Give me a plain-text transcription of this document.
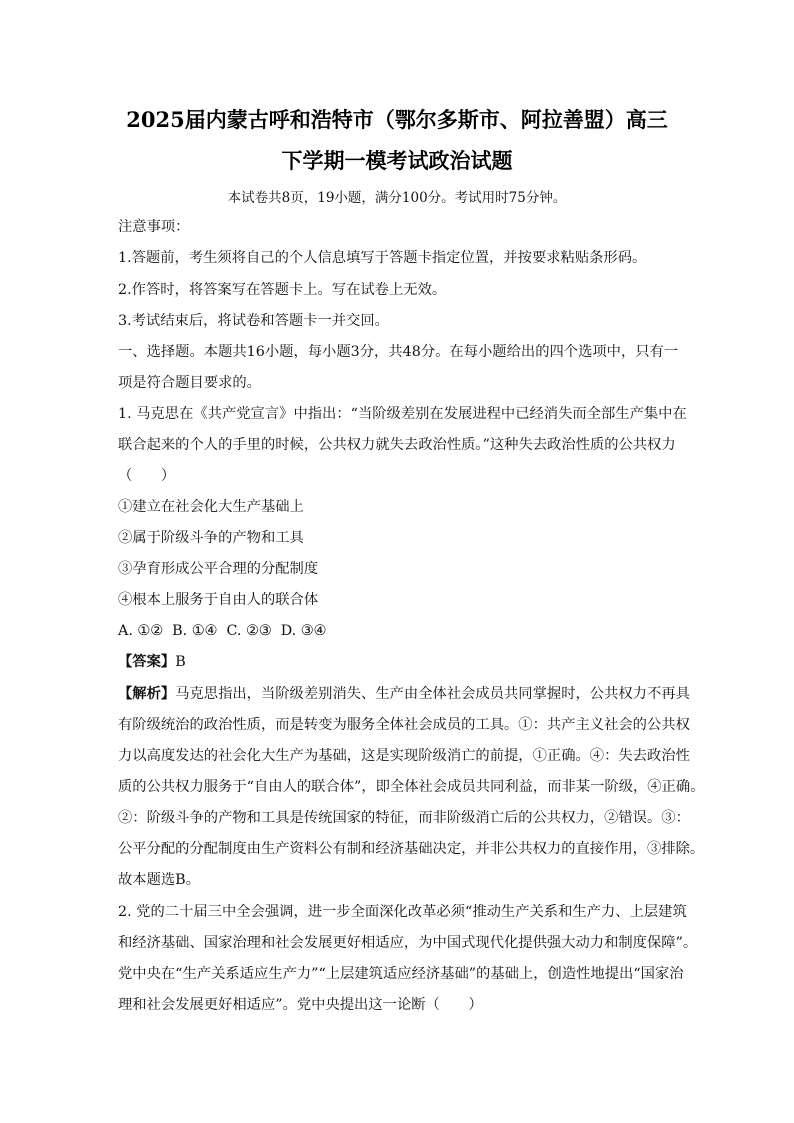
2025届内蒙古呼和浩特市（鄂尔多斯市、阿拉善盟）高三
下学期一模考试政治试题
本试卷共8页，19小题，满分100分。考试用时75分钟。
注意事项：
1.答题前，考生须将自己的个人信息填写于答题卡指定位置，并按要求粘贴条形码。
2.作答时，将答案写在答题卡上。写在试卷上无效。
3.考试结束后，将试卷和答题卡一并交回。
一、选择题。本题共16小题，每小题3分，共48分。在每小题给出的四个选项中，只有一
项是符合题目要求的。
1. 马克思在《共产党宣言》中指出：“当阶级差别在发展进程中已经消失而全部生产集中在
联合起来的个人的手里的时候，公共权力就失去政治性质。”这种失去政治性质的公共权力
（　　）
①建立在社会化大生产基础上
②属于阶级斗争的产物和工具
③孕育形成公平合理的分配制度
④根本上服务于自由人的联合体
A. ①②  B. ①④  C. ②③  D. ③④
【答案】B
【解析】马克思指出，当阶级差别消失、生产由全体社会成员共同掌握时，公共权力不再具
有阶级统治的政治性质，而是转变为服务全体社会成员的工具。①：共产主义社会的公共权
力以高度发达的社会化大生产为基础，这是实现阶级消亡的前提，①正确。④：失去政治性
质的公共权力服务于“自由人的联合体”，即全体社会成员共同利益，而非某一阶级，④正确。
②：阶级斗争的产物和工具是传统国家的特征，而非阶级消亡后的公共权力，②错误。③：
公平分配的分配制度由生产资料公有制和经济基础决定，并非公共权力的直接作用，③排除。
故本题选B。
2. 党的二十届三中全会强调，进一步全面深化改革必须“推动生产关系和生产力、上层建筑
和经济基础、国家治理和社会发展更好相适应，为中国式现代化提供强大动力和制度保障”。
党中央在“生产关系适应生产力”“上层建筑适应经济基础”的基础上，创造性地提出“国家治
理和社会发展更好相适应”。党中央提出这一论断（　　）
